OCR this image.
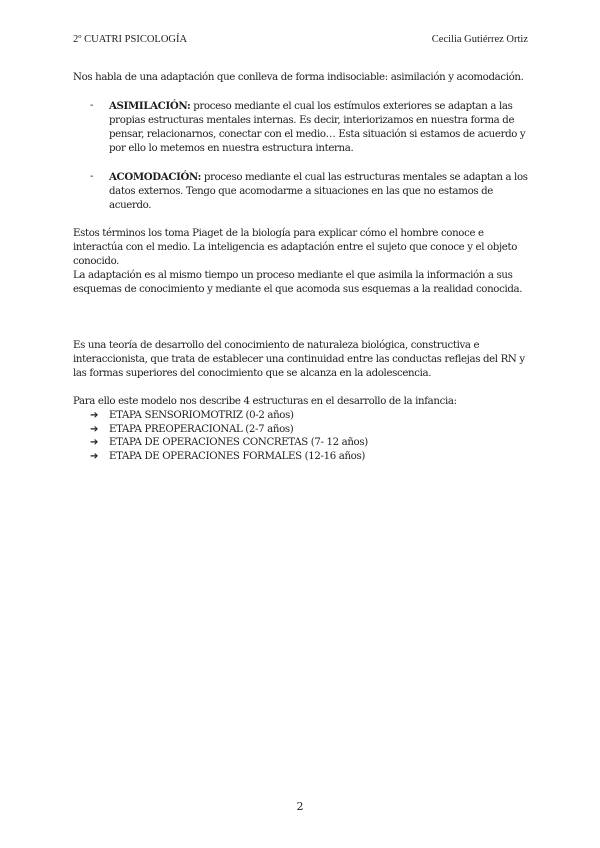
2º CUATRI PSICOLOGÍA	Cecilia Gutiérrez Ortiz

Nos habla de una adaptación que conlleva de forma indisociable: asimilación y acomodación.

- ASIMILACIÓN: proceso mediante el cual los estímulos exteriores se adaptan a las propias estructuras mentales internas. Es decir, interiorizamos en nuestra forma de pensar, relacionarnos, conectar con el medio… Esta situación si estamos de acuerdo y por ello lo metemos en nuestra estructura interna.
- ACOMODACIÓN: proceso mediante el cual las estructuras mentales se adaptan a los datos externos. Tengo que acomodarme a situaciones en las que no estamos de acuerdo.

Estos términos los toma Piaget de la biología para explicar cómo el hombre conoce e interactúa con el medio. La inteligencia es adaptación entre el sujeto que conoce y el objeto conocido.

La adaptación es al mismo tiempo un proceso mediante el que asimila la información a sus esquemas de conocimiento y mediante el que acomoda sus esquemas a la realidad conocida.

Es una teoría de desarrollo del conocimiento de naturaleza biológica, constructiva e interaccionista, que trata de establecer una continuidad entre las conductas reflejas del RN y las formas superiores del conocimiento que se alcanza en la adolescencia.

Para ello este modelo nos describe 4 estructuras en el desarrollo de la infancia:

➔ ETAPA SENSORIOMOTRIZ (0-2 años)
➔ ETAPA PREOPERACIONAL (2-7 años)
➔ ETAPA DE OPERACIONES CONCRETAS (7- 12 años)
➔ ETAPA DE OPERACIONES FORMALES (12-16 años)
2
